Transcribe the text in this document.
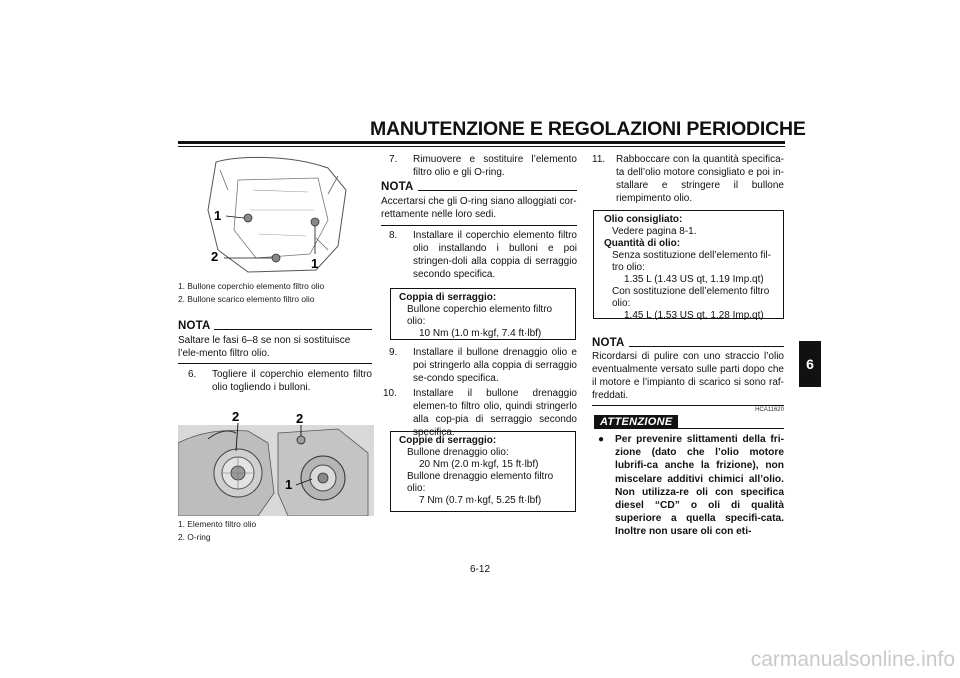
MANUTENZIONE E REGOLAZIONI PERIODICHE
6
1
2	1
1. Bullone coperchio elemento filtro olio
2. Bullone scarico elemento filtro olio
NOTA
Saltare le fasi 6–8 se non si sostituisce l’ele-mento filtro olio.
6. Togliere il coperchio elemento filtro olio togliendo i bulloni.
2	2
1
1. Elemento filtro olio
2. O-ring
7. Rimuovere e sostituire l’elemento filtro olio e gli O-ring.
NOTA
Accertarsi che gli O-ring siano alloggiati cor-rettamente nelle loro sedi.
8. Installare il coperchio elemento filtro olio installando i bulloni e poi stringen-doli alla coppia di serraggio secondo specifica.
Coppia di serraggio:
Bullone coperchio elemento filtro
olio:
10 Nm (1.0 m·kgf, 7.4 ft·lbf)
9. Installare il bullone drenaggio olio e poi stringerlo alla coppia di serraggio se-condo specifica.
10. Installare il bullone drenaggio elemen-to filtro olio, quindi stringerlo alla cop-pia di serraggio secondo specifica.
Coppie di serraggio:
Bullone drenaggio olio:
20 Nm (2.0 m·kgf, 15 ft·lbf)
Bullone drenaggio elemento filtro
olio:
7 Nm (0.7 m·kgf, 5.25 ft·lbf)
11. Rabboccare con la quantità specifica-ta dell’olio motore consigliato e poi in-stallare e stringere il bullone riempimento olio.
Olio consigliato:
Vedere pagina 8-1.
Quantità di olio:
Senza sostituzione dell’elemento fil-
tro olio:
1.35 L (1.43 US qt, 1.19 Imp.qt)
Con sostituzione dell’elemento filtro
olio:
1.45 L (1.53 US qt, 1.28 Imp.qt)
NOTA
Ricordarsi di pulire con uno straccio l’olio eventualmente versato sulle parti dopo che il motore e l’impianto di scarico si sono raf-freddati.
HCA11620
ATTENZIONE
● Per prevenire slittamenti della fri-zione (dato che l’olio motore lubrifi-ca anche la frizione), non miscelare additivi chimici all’olio. Non utilizza-re oli con specifica diesel “CD” o oli di qualità superiore a quella specifi-cata. Inoltre non usare oli con eti-
6-12
carmanualsonline.info
